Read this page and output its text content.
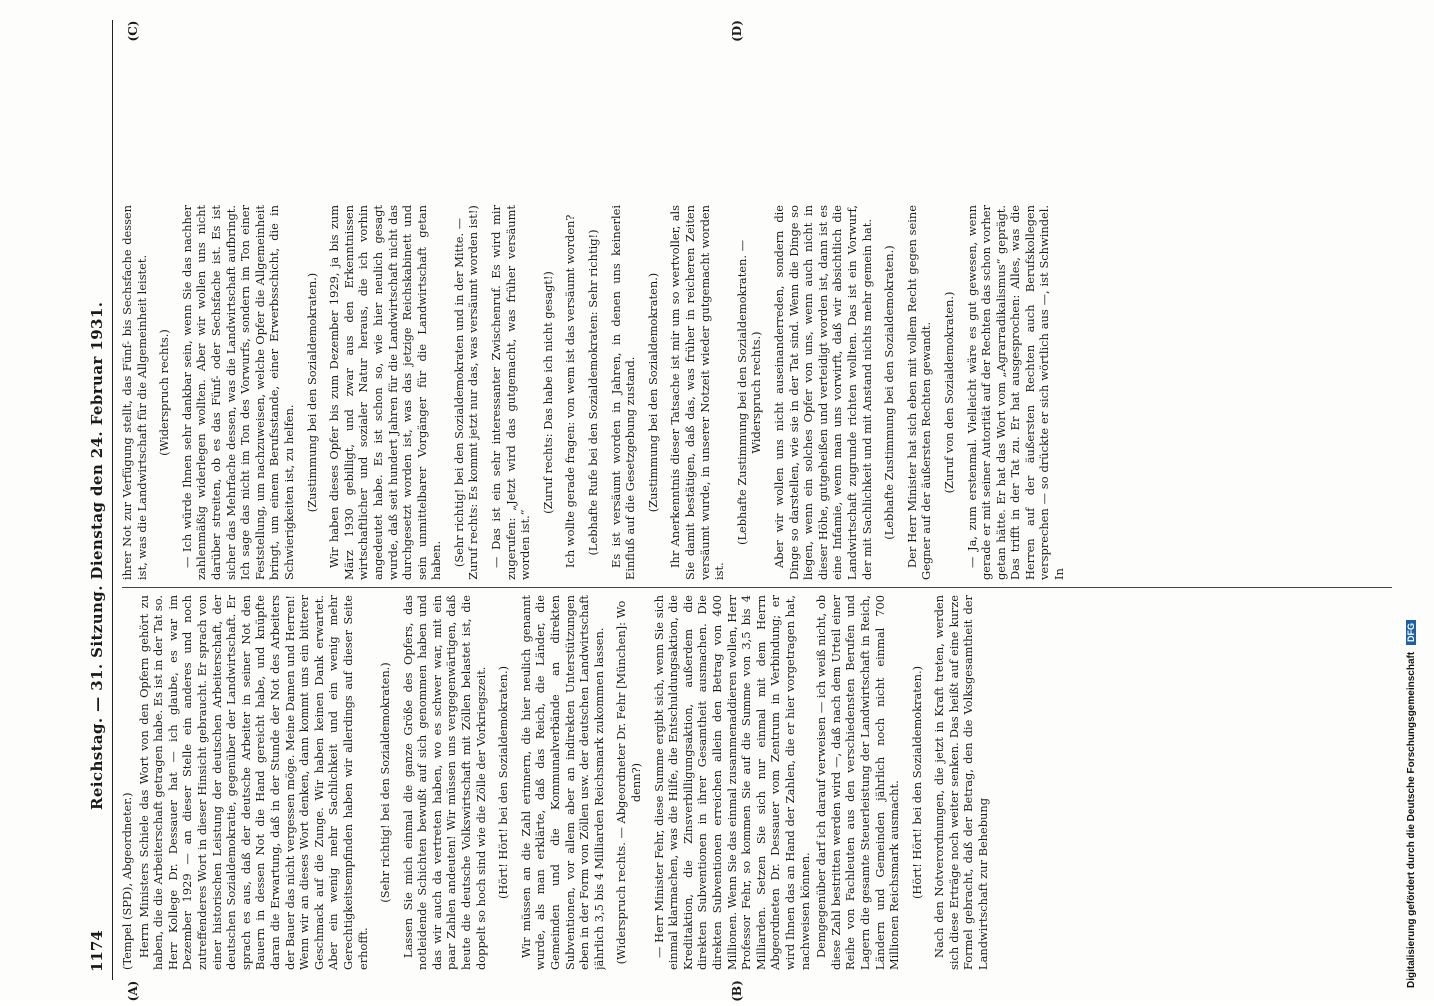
1174
Reichstag. — 31. Sitzung. Dienstag den 24. Februar 1931.
(A)	(B)
(C)	(D)

(Tempel (SPD), Abgeordneter.) Herrn Ministers Schiele das Wort von den Opfern gehört zu haben, die die Arbeiterschaft getragen habe. Es ist in der Tat so. Herr Kollege Dr. Dessauer hat — ich glaube, es war im Dezember 1929 — an dieser Stelle ein anderes und noch zutreffenderes Wort in dieser Hinsicht gebraucht. Er sprach von einer historischen Leistung der deutschen Arbeiterschaft, der deutschen Sozialdemokratie, gegenüber der Landwirtschaft. Er sprach es aus, daß der deutsche Arbeiter in seiner Not den Bauern in dessen Not die Hand gereicht habe, und knüpfte daran die Erwartung, daß in der Stunde der Not des Arbeiters der Bauer das nicht vergessen möge. Meine Damen und Herren! Wenn wir an dieses Wort denken, dann kommt uns ein bitterer Geschmack auf die Zunge. Wir haben keinen Dank erwartet. Aber ein wenig mehr Sachlichkeit und ein wenig mehr Gerechtigkeitsempfinden haben wir allerdings auf dieser Seite erhofft.

(Sehr richtig! bei den Sozialdemokraten.) Lassen Sie mich einmal die ganze Größe des Opfers, das notleidende Schichten bewußt auf sich genommen haben und das wir auch da vertreten haben, wo es schwer war, mit ein paar Zahlen andeuten! Wir müssen uns vergegenwärtigen, daß heute die deutsche Volkswirtschaft mit Zöllen belastet ist, die doppelt so hoch sind wie die Zölle der Vorkriegszeit. (Hört! Hört! bei den Sozialdemokraten.) Wir müssen an die Zahl erinnern, die hier neulich genannt wurde, als man erklärte, daß das Reich, die Länder, die Gemeinden und die Kommunalverbände an direkten Subventionen, vor allem aber an indirekten Unterstützungen eben in der Form von Zöllen usw. der deutschen Landwirtschaft jährlich 3,5 bis 4 Milliarden Reichsmark zukommen lassen. (Widerspruch rechts. — Abgeordneter Dr. Fehr [München]: Wo denn?) — Herr Minister Fehr, diese Summe ergibt sich, wenn Sie sich einmal klarmachen, was die Hilfe, die Entschuldungsaktion, die Kreditaktion, die Zinsverbilligungsaktion, außerdem die direkten Subventionen in ihrer Gesamtheit ausmachen. Die direkten Subventionen erreichen allein den Betrag von 400 Millionen. Wenn Sie das einmal zusammenaddieren wollen, Herr Professor Fehr, so kommen Sie auf die Summe von 3,5 bis 4 Milliarden. Setzen Sie sich nur einmal mit dem Herrn Abgeordneten Dr. Dessauer vom Zentrum in Verbindung; er wird Ihnen das an Hand der Zahlen, die er hier vorgetragen hat, nachweisen können. Demgegenüber darf ich darauf verweisen — ich weiß nicht, ob diese Zahl bestritten werden wird —, daß nach dem Urteil einer Reihe von Fachleuten aus den verschiedensten Berufen und Lagern die gesamte Steuerleistung der Landwirtschaft in Reich, Ländern und Gemeinden jährlich noch nicht einmal 700 Millionen Reichsmark ausmacht. (Hört! Hört! bei den Sozialdemokraten.) Nach den Notverordnungen, die jetzt in Kraft treten, werden sich diese Erträge noch weiter senken. Das heißt auf eine kurze Formel gebracht, daß der Betrag, den die Volksgesamtheit der Landwirtschaft zur Behebung

ihrer Not zur Verfügung stellt, das Fünf- bis Sechsfache dessen ist, was die Landwirtschaft für die Allgemeinheit leistet. (Widerspruch rechts.) — Ich würde Ihnen sehr dankbar sein, wenn Sie das nachher zahlenmäßig widerlegen wollten. Aber wir wollen uns nicht darüber streiten, ob es das Fünf- oder Sechsfache ist. Es ist sicher das Mehrfache dessen, was die Landwirtschaft aufbringt. Ich sage das nicht im Ton des Vorwurfs, sondern im Ton einer Feststellung, um nachzuweisen, welche Opfer die Allgemeinheit bringt, um einem Berufsstande, einer Erwerbsschicht, die in Schwierigkeiten ist, zu helfen. (Zustimmung bei den Sozialdemokraten.) Wir haben dieses Opfer bis zum Dezember 1929, ja bis zum März 1930 gebilligt, und zwar aus den Erkenntnissen wirtschaftlicher und sozialer Natur heraus, die ich vorhin angedeutet habe. Es ist schon so, wie hier neulich gesagt wurde, daß seit hundert Jahren für die Landwirtschaft nicht das durchgesetzt worden ist, was das jetzige Reichskabinett und sein unmittelbarer Vorgänger für die Landwirtschaft getan haben. (Sehr richtig! bei den Sozialdemokraten und in der Mitte. — Zuruf rechts: Es kommt jetzt nur das, was versäumt worden ist!) — Das ist ein sehr interessanter Zwischenruf. Es wird mir zugerufen: „Jetzt wird das gutgemacht, was früher versäumt worden ist.“

(Zuruf rechts: Das habe ich nicht gesagt!) Ich wollte gerade fragen: von wem ist das versäumt worden? (Lebhafte Rufe bei den Sozialdemokraten: Sehr richtig!) Es ist versäumt worden in Jahren, in denen uns keinerlei Einfluß auf die Gesetzgebung zustand. (Zustimmung bei den Sozialdemokraten.) Ihr Anerkenntnis dieser Tatsache ist mir um so wertvoller, als Sie damit bestätigen, daß das, was früher in reicheren Zeiten versäumt wurde, in unserer Notzeit wieder gutgemacht worden ist.

(Lebhafte Zustimmung bei den Sozialdemokraten. — Widerspruch rechts.) Aber wir wollen uns nicht auseinanderreden, sondern die Dinge so darstellen, wie sie in der Tat sind. Wenn die Dinge so liegen, wenn ein solches Opfer von uns, wenn auch nicht in dieser Höhe, gutgeheißen und verteidigt worden ist, dann ist es eine Infamie, wenn man uns vorwirft, daß wir absichtlich die Landwirtschaft zugrunde richten wollten. Das ist ein Vorwurf, der mit Sachlichkeit und mit Anstand nichts mehr gemein hat. (Lebhafte Zustimmung bei den Sozialdemokraten.) Der Herr Minister hat sich eben mit vollem Recht gegen seine Gegner auf der äußersten Rechten gewandt. (Zuruf von den Sozialdemokraten.) — Ja, zum erstenmal. Vielleicht wäre es gut gewesen, wenn gerade er mit seiner Autorität auf der Rechten das schon vorher getan hätte. Er hat das Wort vom „Agrarradikalismus“ geprägt. Das trifft in der Tat zu. Er hat ausgesprochen: Alles, was die Herren auf der äußersten Rechten auch Berufskollegen versprechen — so drückte er sich wörtlich aus —, ist Schwindel. In

Digitalisierung gefördert durch die Deutsche Forschungsgemeinschaft DFG
